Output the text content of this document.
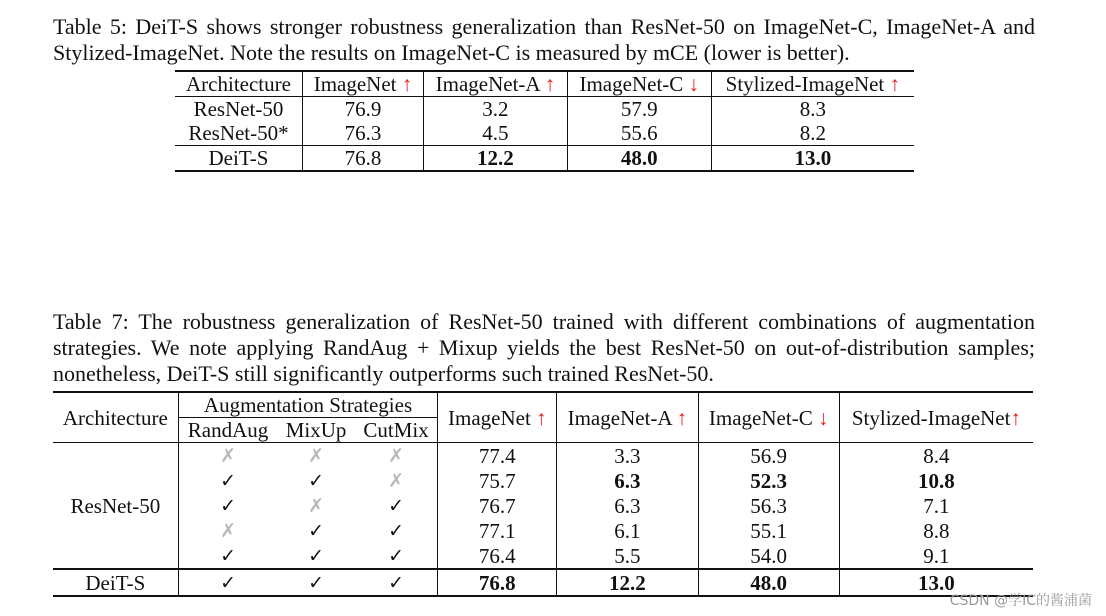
Table 5: DeiT-S shows stronger robustness generalization than ResNet-50 on ImageNet-C, ImageNet-A and Stylized-ImageNet. Note the results on ImageNet-C is measured by mCE (lower is better).
Architecture	ImageNet ↑	ImageNet-A ↑	ImageNet-C ↓	Stylized-ImageNet ↑
ResNet-50	76.9	3.2	57.9	8.3
ResNet-50*	76.3	4.5	55.6	8.2
DeiT-S	76.8	12.2	48.0	13.0
Table 7: The robustness generalization of ResNet-50 trained with different combinations of augmentation strategies. We note applying RandAug + Mixup yields the best ResNet-50 on out-of-distribution samples; nonetheless, DeiT-S still significantly outperforms such trained ResNet-50.
Architecture	Augmentation Strategies			ImageNet ↑	ImageNet-A ↑	ImageNet-C ↓	Stylized-ImageNet↑
	RandAug	MixUp	CutMix				
ResNet-50	✗	✗	✗	77.4	3.3	56.9	8.4
	✓	✓	✗	75.7	6.3	52.3	10.8
	✓	✗	✓	76.7	6.3	56.3	7.1
	✗	✓	✓	77.1	6.1	55.1	8.8
	✓	✓	✓	76.4	5.5	54.0	9.1
DeiT-S	✓	✓	✓	76.8	12.2	48.0	13.0
CSDN @学IC的酱浦菌
